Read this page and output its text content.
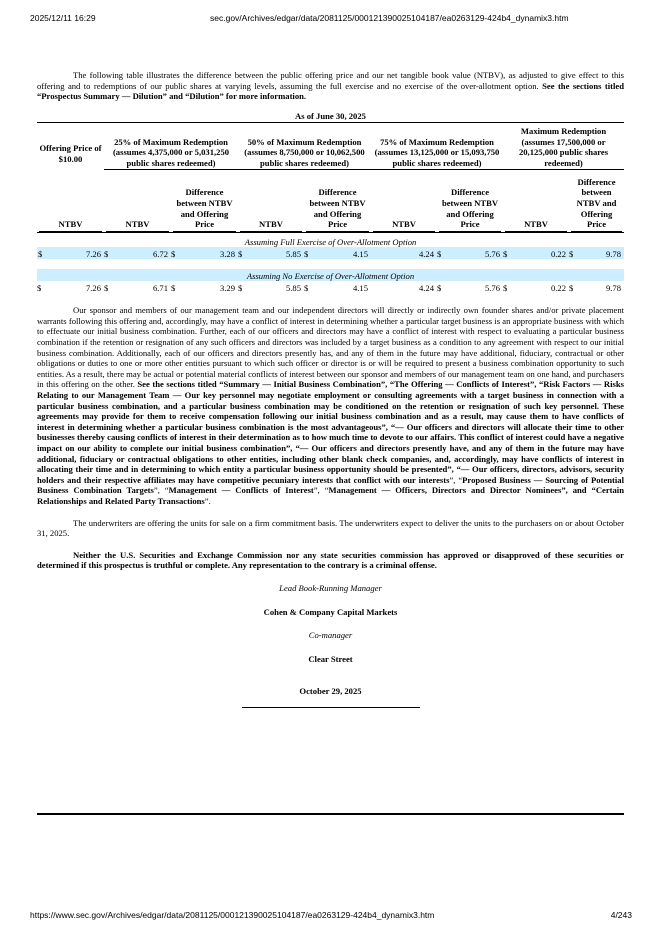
2025/12/11 16:29	sec.gov/Archives/edgar/data/2081125/000121390025104187/ea0263129-424b4_dynamix3.htm

The following table illustrates the difference between the public offering price and our net tangible book value (NTBV), as adjusted to give effect to this offering and to redemptions of our public shares at varying levels, assuming the full exercise and no exercise of the over-allotment option. See the sections titled “Prospectus Summary — Dilution” and “Dilution” for more information.

As of June 30, 2025
Offering Price of $10.00	25% of Maximum Redemption (assumes 4,375,000 or 5,031,250 public shares redeemed)		50% of Maximum Redemption (assumes 8,750,000 or 10,062,500 public shares redeemed)		75% of Maximum Redemption (assumes 13,125,000 or 15,093,750 public shares redeemed)		Maximum Redemption (assumes 17,500,000 or 20,125,000 public shares redeemed)	

NTBV	NTBV	Difference between NTBV and Offering Price	NTBV	Difference between NTBV and Offering Price	NTBV	Difference between NTBV and Offering Price	NTBV	Difference between NTBV and Offering Price

Assuming Full Exercise of Over-Allotment Option								

$ 7.26	$ 6.72	$ 3.28	$ 5.85	$ 4.15	4.24	$ 5.76	$ 0.22	$ 9.78

Assuming No Exercise of Over-Allotment Option								

$ 7.26	$ 6.71	$ 3.29	$ 5.85	$ 4.15	4.24	$ 5.76	$ 0.22	$ 9.78

Our sponsor and members of our management team and our independent directors will directly or indirectly own founder shares and/or private placement warrants following this offering and, accordingly, may have a conflict of interest in determining whether a particular target business is an appropriate business with which to effectuate our initial business combination. Further, each of our officers and directors may have a conflict of interest with respect to evaluating a particular business combination if the retention or resignation of any such officers and directors was included by a target business as a condition to any agreement with respect to our initial business combination. Additionally, each of our officers and directors presently has, and any of them in the future may have additional, fiduciary, contractual or other obligations or duties to one or more other entities pursuant to which such officer or director is or will be required to present a business combination opportunity to such entities. As a result, there may be actual or potential material conflicts of interest between our sponsor and members of our management team on one hand, and purchasers in this offering on the other. See the sections titled “Summary — Initial Business Combination”, “The Offering — Conflicts of Interest”, “Risk Factors — Risks Relating to our Management Team — Our key personnel may negotiate employment or consulting agreements with a target business in connection with a particular business combination, and a particular business combination may be conditioned on the retention or resignation of such key personnel. These agreements may provide for them to receive compensation following our initial business combination and as a result, may cause them to have conflicts of interest in determining whether a particular business combination is the most advantageous”, “— Our officers and directors will allocate their time to other businesses thereby causing conflicts of interest in their determination as to how much time to devote to our affairs. This conflict of interest could have a negative impact on our ability to complete our initial business combination”, “— Our officers and directors presently have, and any of them in the future may have additional, fiduciary or contractual obligations to other entities, including other blank check companies, and, accordingly, may have conflicts of interest in allocating their time and in determining to which entity a particular business opportunity should be presented”, “— Our officers, directors, advisors, security holders and their respective affiliates may have competitive pecuniary interests that conflict with our interests”, “Proposed Business — Sourcing of Potential Business Combination Targets”, “Management — Conflicts of Interest”, “Management — Officers, Directors and Director Nominees”, and “Certain Relationships and Related Party Transactions”.

The underwriters are offering the units for sale on a firm commitment basis. The underwriters expect to deliver the units to the purchasers on or about October 31, 2025.

Neither the U.S. Securities and Exchange Commission nor any state securities commission has approved or disapproved of these securities or determined if this prospectus is truthful or complete. Any representation to the contrary is a criminal offense.

Lead Book-Running Manager
Cohen & Company Capital Markets
Co-manager
Clear Street
October 29, 2025
https://www.sec.gov/Archives/edgar/data/2081125/000121390025104187/ea0263129-424b4_dynamix3.htm	4/243
